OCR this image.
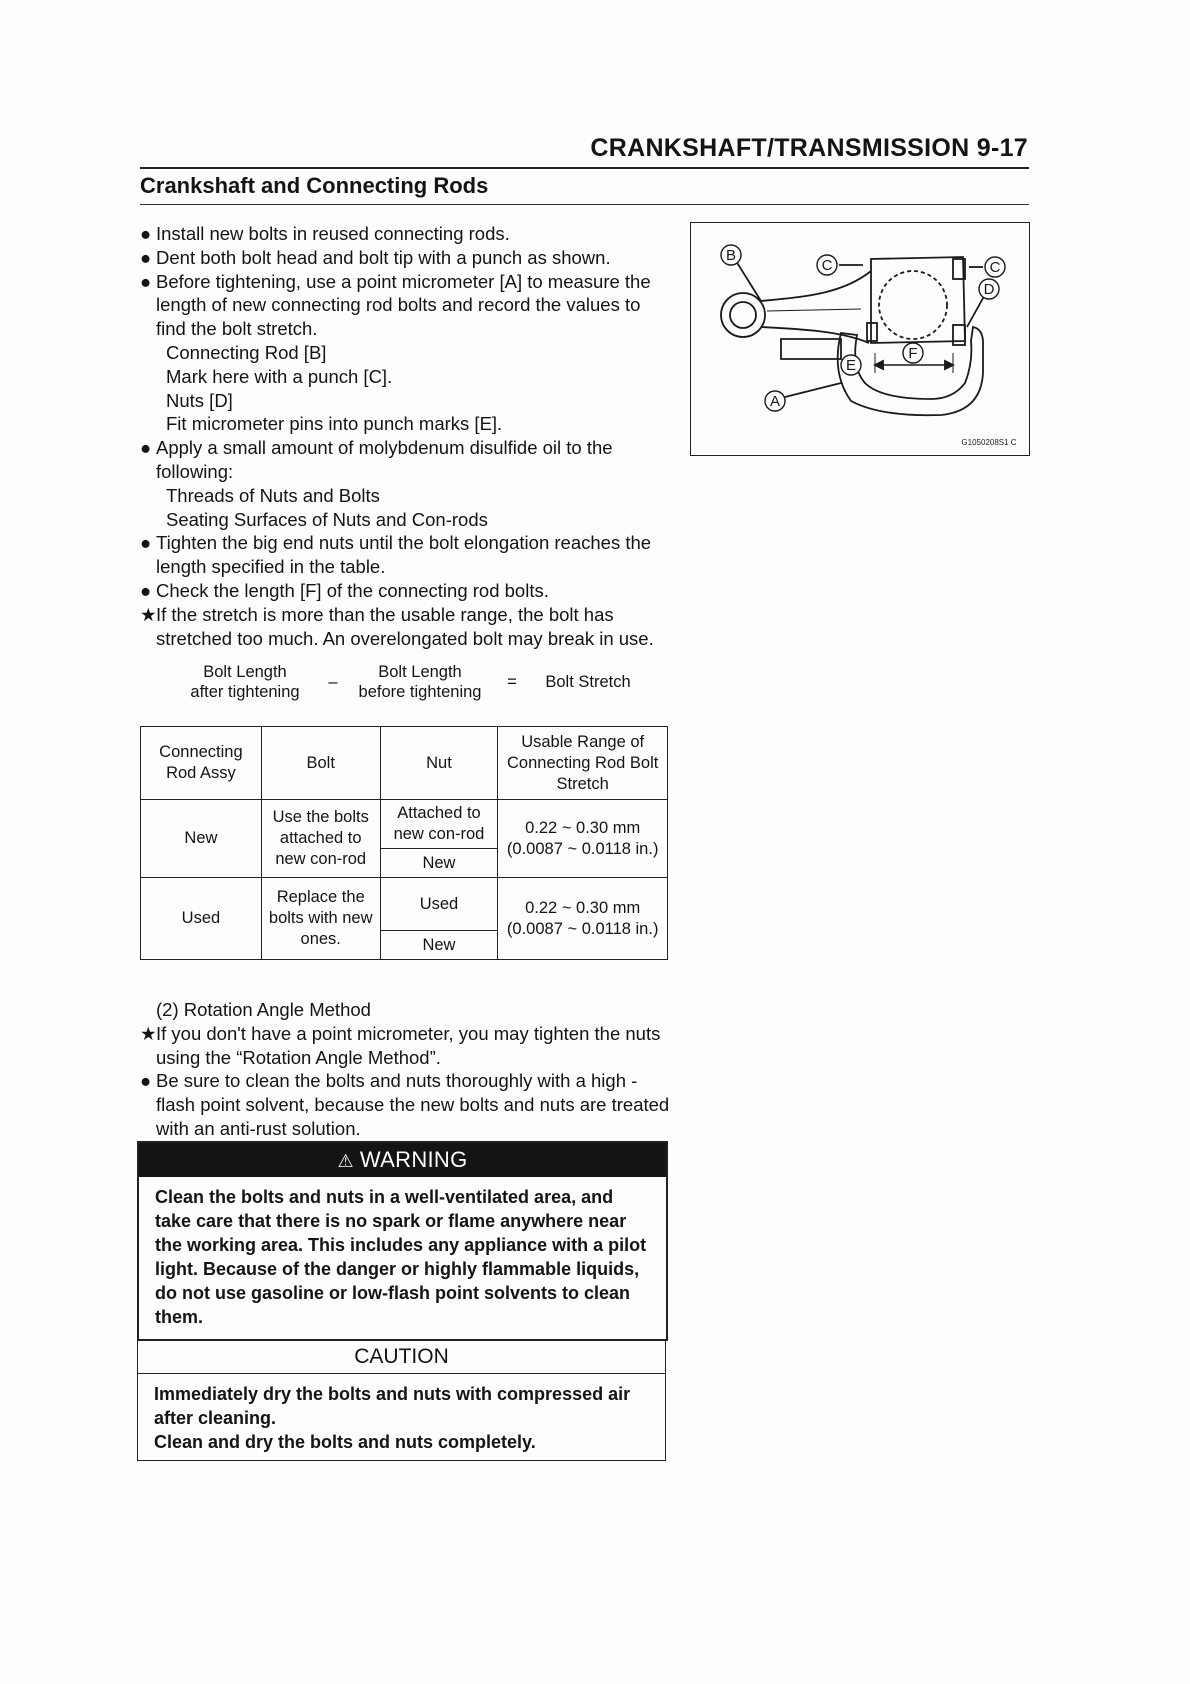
CRANKSHAFT/TRANSMISSION 9-17
Crankshaft and Connecting Rods
● Install new bolts in reused connecting rods.
● Dent both bolt head and bolt tip with a punch as shown.
● Before tightening, use a point micrometer [A] to measure the length of new connecting rod bolts and record the values to find the bolt stretch.
Connecting Rod [B]
Mark here with a punch [C].
Nuts [D]
Fit micrometer pins into punch marks [E].
● Apply a small amount of molybdenum disulfide oil to the following:
Threads of Nuts and Bolts
Seating Surfaces of Nuts and Con-rods
● Tighten the big end nuts until the bolt elongation reaches the length specified in the table.
● Check the length [F] of the connecting rod bolts.
★ If the stretch is more than the usable range, the bolt has stretched too much. An overelongated bolt may break in use.
Bolt Length
after tightening
–
Bolt Length
before tightening
=	Bolt Stretch
Connecting Rod Assy	Bolt	Nut	Usable Range of Connecting Rod Bolt Stretch
New	Use the bolts attached to new con-rod	Attached to new con-rod	0.22 ~ 0.30 mm (0.0087 ~ 0.0118 in.)
		New	
Used	Replace the bolts with new ones.	Used	0.22 ~ 0.30 mm (0.0087 ~ 0.0118 in.)
		New	
(2) Rotation Angle Method
★ If you don't have a point micrometer, you may tighten the nuts using the “Rotation Angle Method”.
● Be sure to clean the bolts and nuts thoroughly with a high -flash point solvent, because the new bolts and nuts are treated with an anti-rust solution.
⚠ WARNING
Clean the bolts and nuts in a well-ventilated area, and take care that there is no spark or flame anywhere near the working area. This includes any appliance with a pilot light. Because of the danger or highly flammable liquids, do not use gasoline or low-flash point solvents to clean them.
CAUTION
Immediately dry the bolts and nuts with compressed air after cleaning.
Clean and dry the bolts and nuts completely.
B
C	C
D
E
F
A
G1050208S1 C
